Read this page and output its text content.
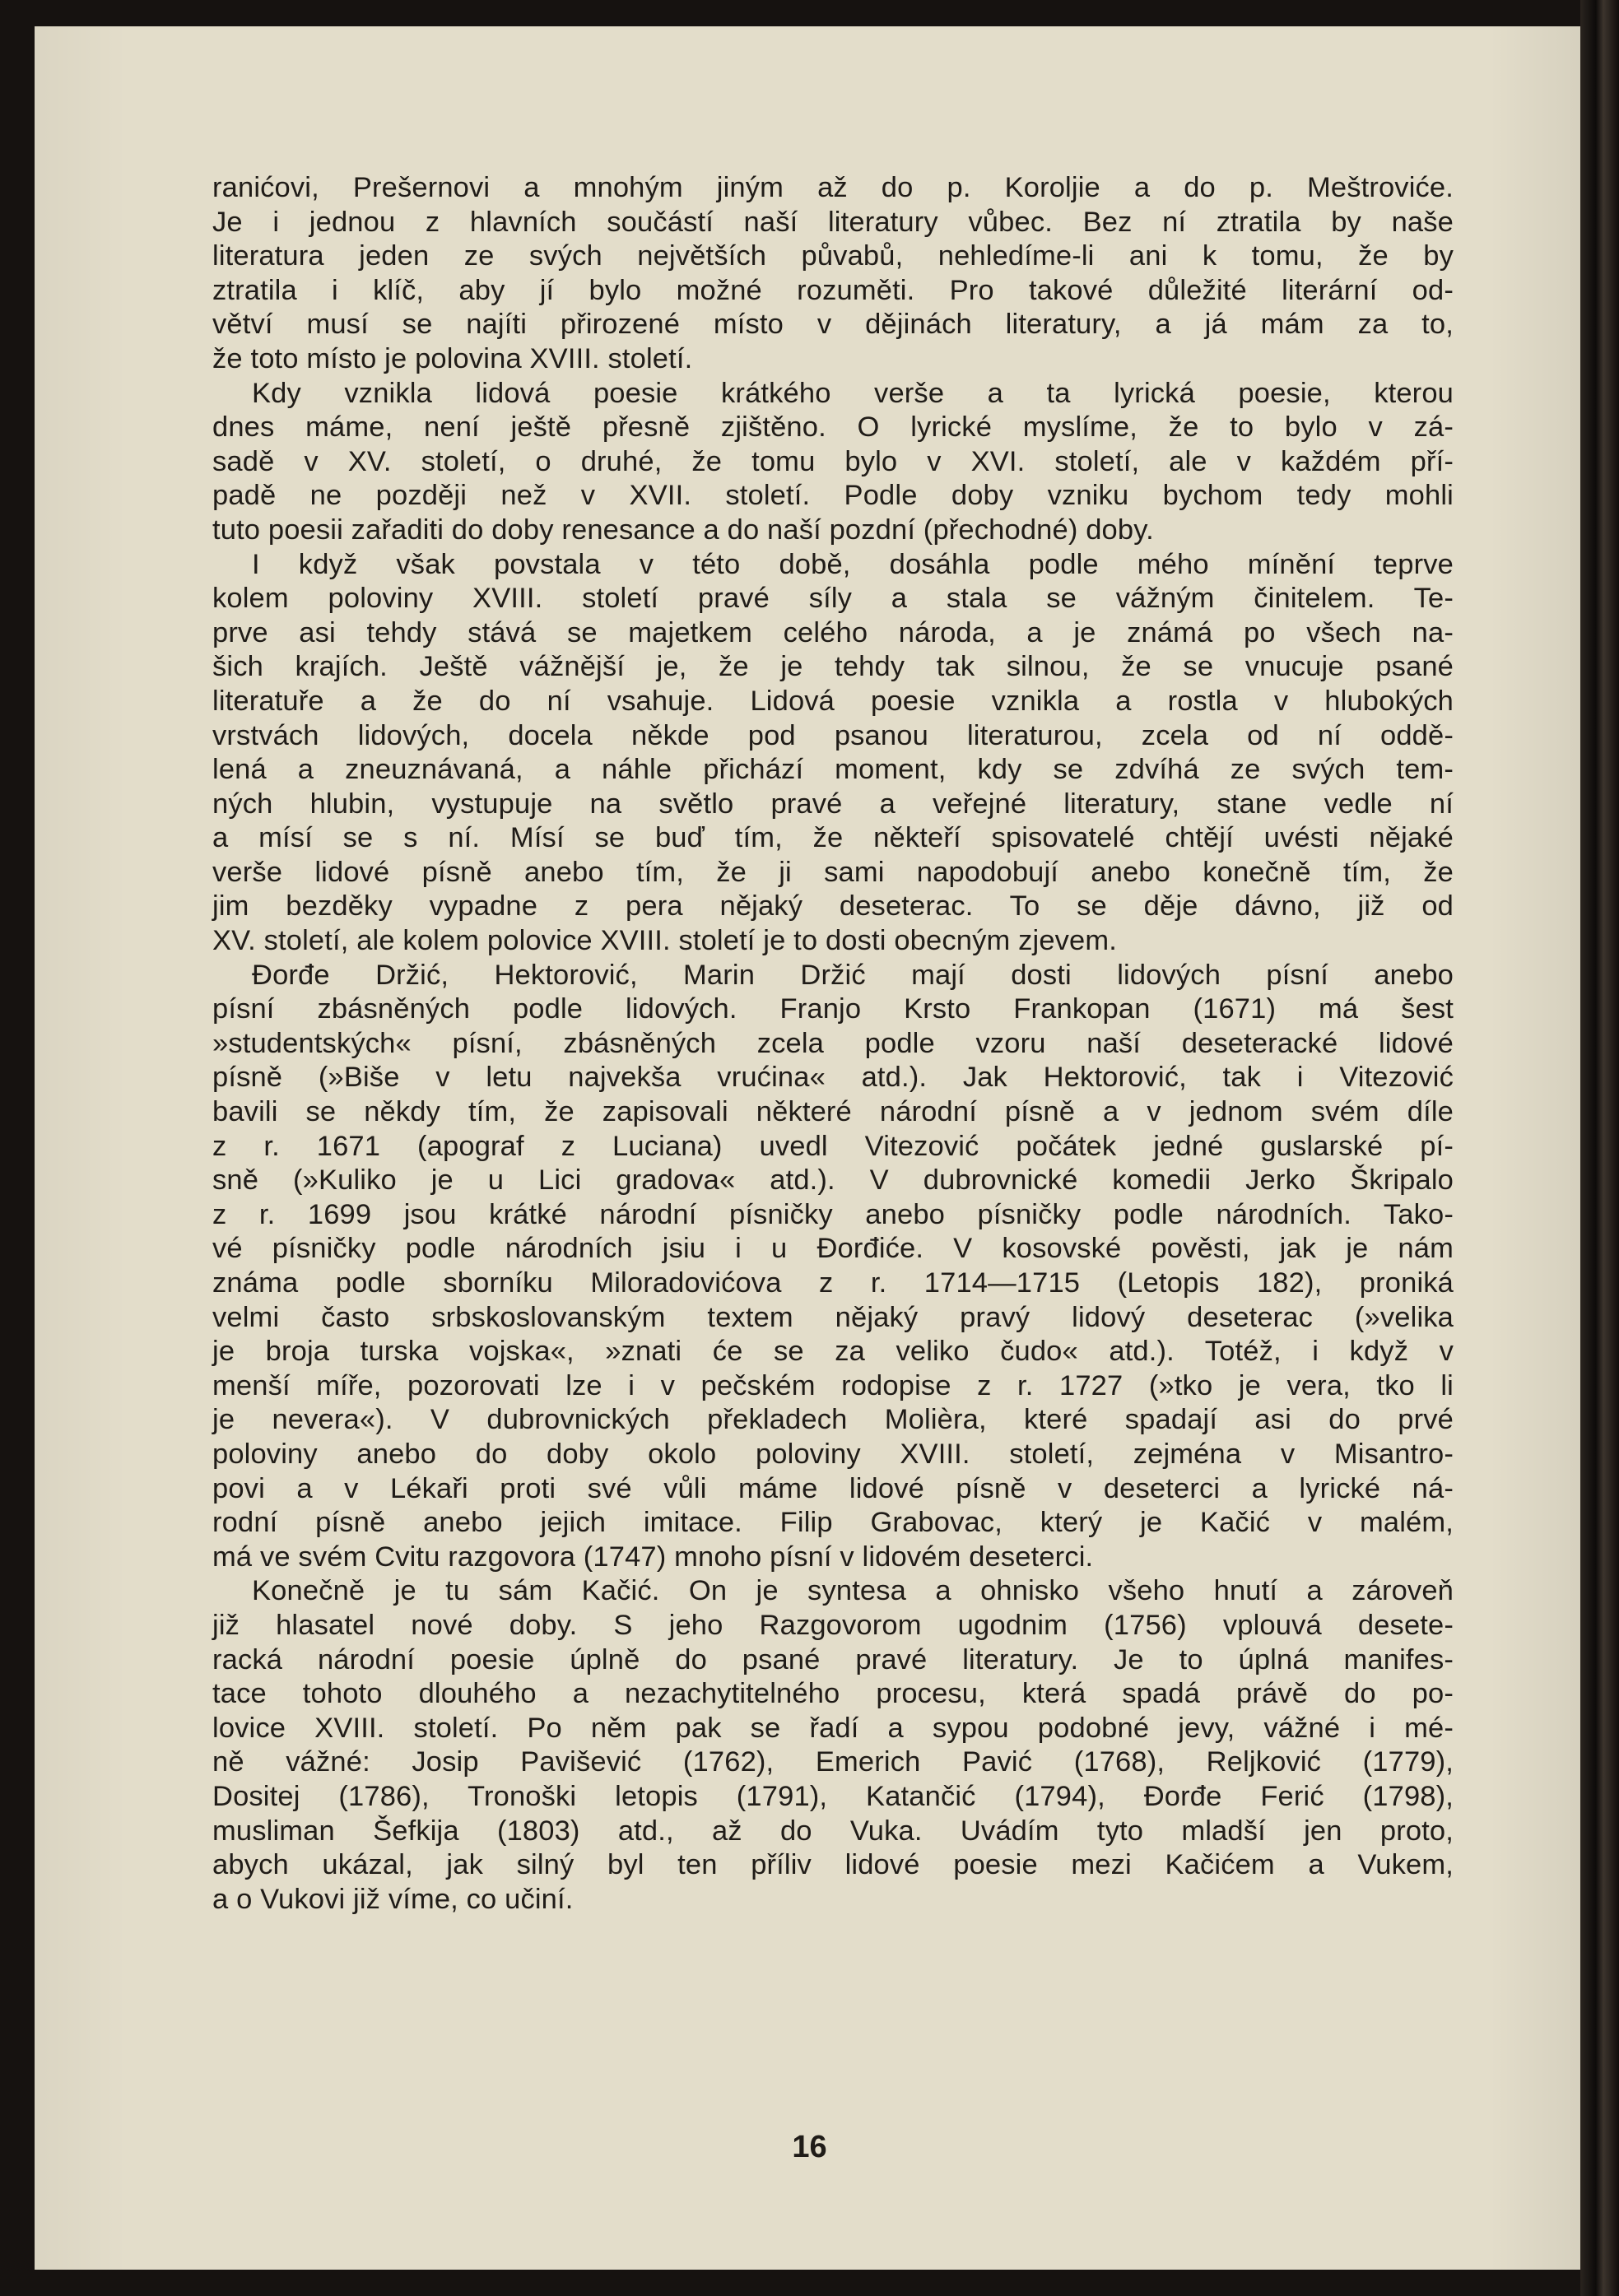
ranićovi, Prešernovi a mnohým jiným až do p. Koroljie a do p. Meštroviće.
Je i jednou z hlavních součástí naší literatury vůbec. Bez ní ztratila by naše
literatura jeden ze svých největších půvabů, nehledíme-li ani k tomu, že by
ztratila i klíč, aby jí bylo možné rozuměti. Pro takové důležité literární od-
větví musí se najíti přirozené místo v dějinách literatury, a já mám za to,
že toto místo je polovina XVIII. století.
Kdy vznikla lidová poesie krátkého verše a ta lyrická poesie, kterou
dnes máme, není ještě přesně zjištěno. O lyrické myslíme, že to bylo v zá-
sadě v XV. století, o druhé, že tomu bylo v XVI. století, ale v každém pří-
padě ne později než v XVII. století. Podle doby vzniku bychom tedy mohli
tuto poesii zařaditi do doby renesance a do naší pozdní (přechodné) doby.
I když však povstala v této době, dosáhla podle mého mínění teprve
kolem poloviny XVIII. století pravé síly a stala se vážným činitelem. Te-
prve asi tehdy stává se majetkem celého národa, a je známá po všech na-
šich krajích. Ještě vážnější je, že je tehdy tak silnou, že se vnucuje psané
literatuře a že do ní vsahuje. Lidová poesie vznikla a rostla v hlubokých
vrstvách lidových, docela někde pod psanou literaturou, zcela od ní oddě-
lená a zneuznávaná, a náhle přichází moment, kdy se zdvíhá ze svých tem-
ných hlubin, vystupuje na světlo pravé a veřejné literatury, stane vedle ní
a mísí se s ní. Mísí se buď tím, že někteří spisovatelé chtějí uvésti nějaké
verše lidové písně anebo tím, že ji sami napodobují anebo konečně tím, že
jim bezděky vypadne z pera nějaký deseterac. To se děje dávno, již od
XV. století, ale kolem polovice XVIII. století je to dosti obecným zjevem.
Đorđe Držić, Hektorović, Marin Držić mají dosti lidových písní anebo
písní zbásněných podle lidových. Franjo Krsto Frankopan (1671) má šest
»studentských« písní, zbásněných zcela podle vzoru naší deseteracké lidové
písně (»Biše v letu najvekša vrućina« atd.). Jak Hektorović, tak i Vitezović
bavili se někdy tím, že zapisovali některé národní písně a v jednom svém díle
z r. 1671 (apograf z Luciana) uvedl Vitezović počátek jedné guslarské pí-
sně (»Kuliko je u Lici gradova« atd.). V dubrovnické komedii Jerko Škripalo
z r. 1699 jsou krátké národní písničky anebo písničky podle národních. Tako-
vé písničky podle národních jsiu i u Đorđiće. V kosovské pověsti, jak je nám
známa podle sborníku Miloradovićova z r. 1714—1715 (Letopis 182), proniká
velmi často srbskoslovanským textem nějaký pravý lidový deseterac (»velika
je broja turska vojska«, »znati će se za veliko čudo« atd.). Totéž, i když v
menší míře, pozorovati lze i v pečském rodopise z r. 1727 (»tko je vera, tko li
je nevera«). V dubrovnických překladech Molièra, které spadají asi do prvé
poloviny anebo do doby okolo poloviny XVIII. století, zejména v Misantro-
povi a v Lékaři proti své vůli máme lidové písně v deseterci a lyrické ná-
rodní písně anebo jejich imitace. Filip Grabovac, který je Kačić v malém,
má ve svém Cvitu razgovora (1747) mnoho písní v lidovém deseterci.
Konečně je tu sám Kačić. On je syntesa a ohnisko všeho hnutí a zároveň
již hlasatel nové doby. S jeho Razgovorom ugodnim (1756) vplouvá desete-
racká národní poesie úplně do psané pravé literatury. Je to úplná manifes-
tace tohoto dlouhého a nezachytitelného procesu, která spadá právě do po-
lovice XVIII. století. Po něm pak se řadí a sypou podobné jevy, vážné i mé-
ně vážné: Josip Pavišević (1762), Emerich Pavić (1768), Reljković (1779),
Dositej (1786), Tronoški letopis (1791), Katančić (1794), Đorđe Ferić (1798),
musliman Šefkija (1803) atd., až do Vuka. Uvádím tyto mladší jen proto,
abych ukázal, jak silný byl ten příliv lidové poesie mezi Kačićem a Vukem,
a o Vukovi již víme, co učiní.
16
